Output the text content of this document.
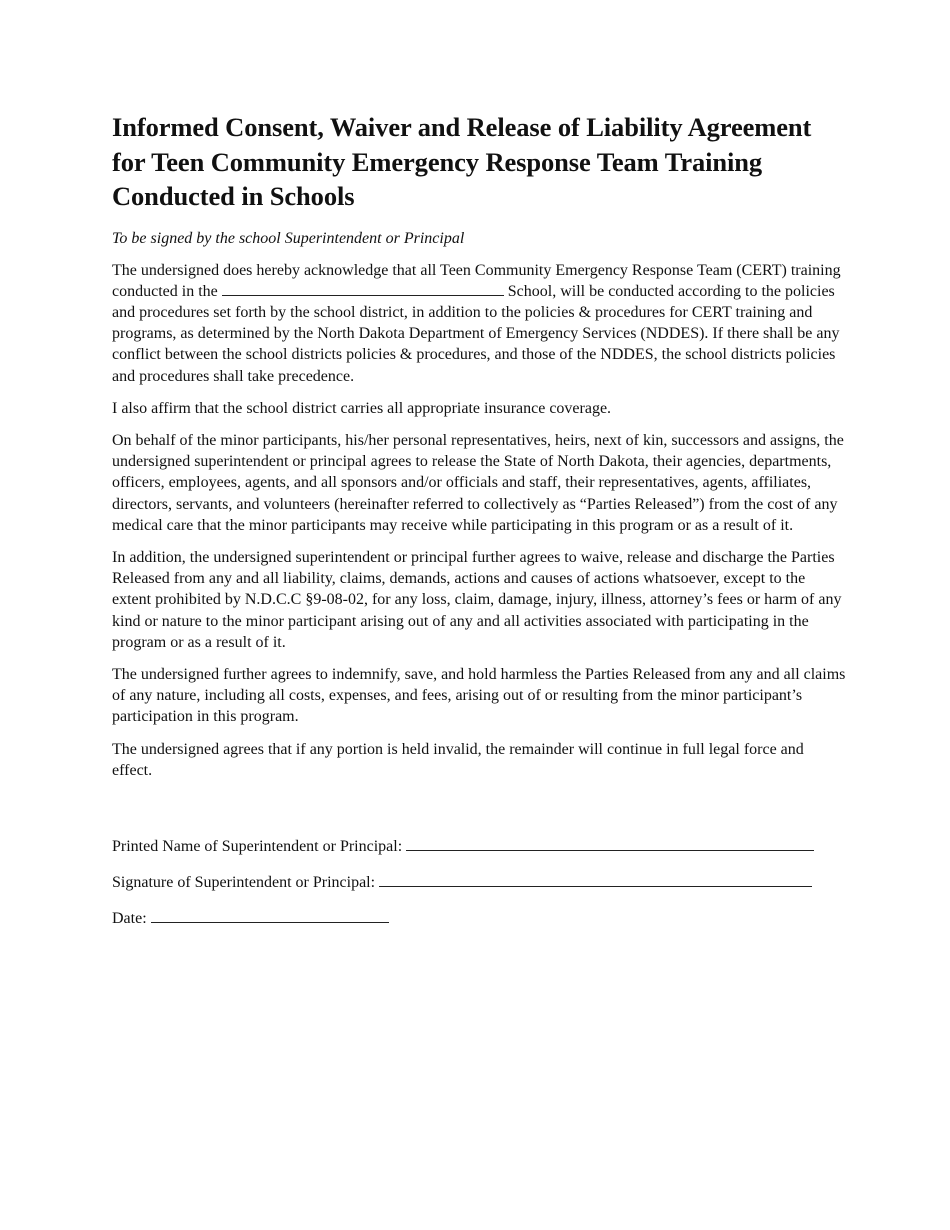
Informed Consent, Waiver and Release of Liability Agreement for Teen Community Emergency Response Team Training Conducted in Schools

To be signed by the school Superintendent or Principal

The undersigned does hereby acknowledge that all Teen Community Emergency Response Team (CERT) training conducted in the	School, will be conducted according to the policies and procedures set forth by the school district, in addition to the policies & procedures for CERT training and programs, as determined by the North Dakota Department of Emergency Services (NDDES). If there shall be any conflict between the school districts policies & procedures, and those of the NDDES, the school districts policies and procedures shall take precedence.

I also affirm that the school district carries all appropriate insurance coverage.

On behalf of the minor participants, his/her personal representatives, heirs, next of kin, successors and assigns, the undersigned superintendent or principal agrees to release the State of North Dakota, their agencies, departments, officers, employees, agents, and all sponsors and/or officials and staff, their representatives, agents, affiliates, directors, servants, and volunteers (hereinafter referred to collectively as “Parties Released”) from the cost of any medical care that the minor participants may receive while participating in this program or as a result of it.

In addition, the undersigned superintendent or principal further agrees to waive, release and discharge the Parties Released from any and all liability, claims, demands, actions and causes of actions whatsoever, except to the extent prohibited by N.D.C.C §9-08-02, for any loss, claim, damage, injury, illness, attorney’s fees or harm of any kind or nature to the minor participant arising out of any and all activities associated with participating in the program or as a result of it.

The undersigned further agrees to indemnify, save, and hold harmless the Parties Released from any and all claims of any nature, including all costs, expenses, and fees, arising out of or resulting from the minor participant’s participation in this program.

The undersigned agrees that if any portion is held invalid, the remainder will continue in full legal force and effect.

Printed Name of Superintendent or Principal:
Signature of Superintendent or Principal:
Date:
